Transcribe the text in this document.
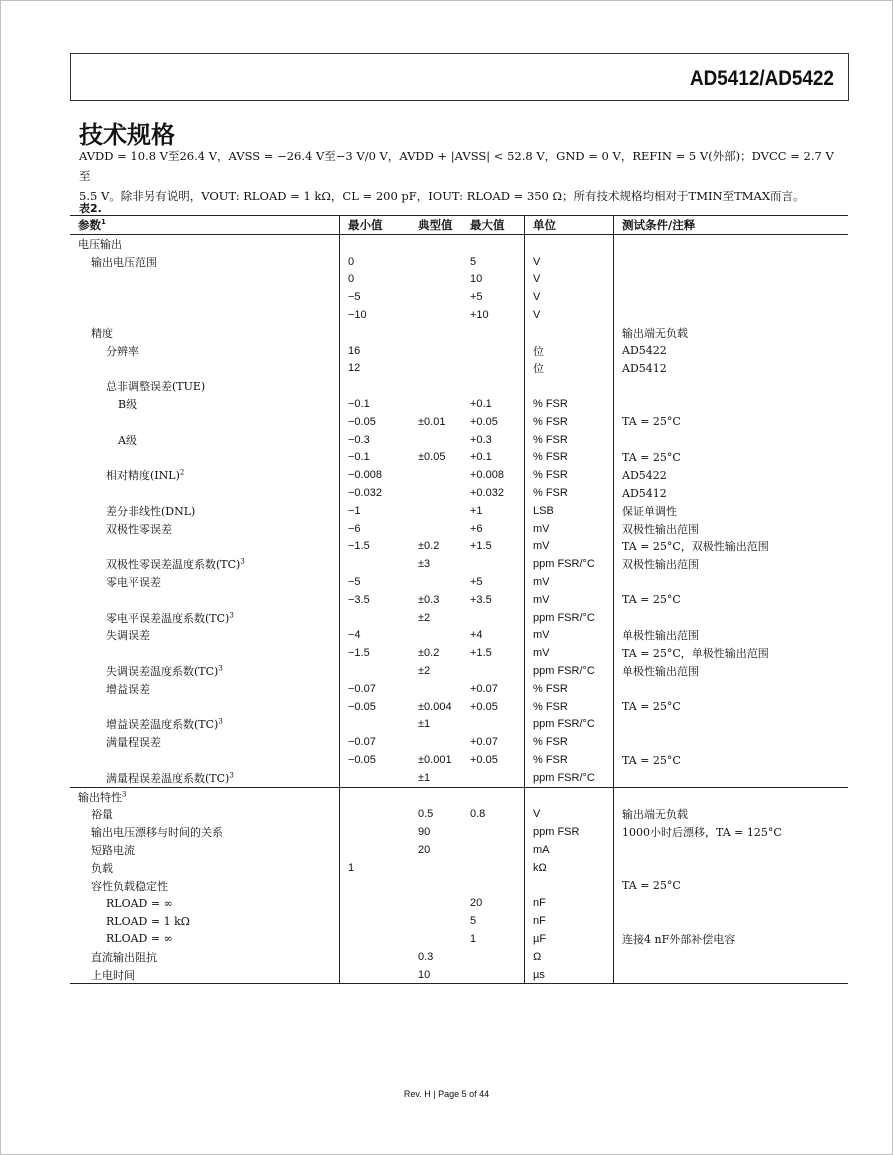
AD5412/AD5422
技术规格
AVDD = 10.8 V至26.4 V，AVSS = −26.4 V至−3 V/0 V，AVDD + |AVSS| < 52.8 V，GND = 0 V，REFIN = 5 V(外部)；DVCC = 2.7 V至
5.5 V。除非另有说明，VOUT: RLOAD = 1 kΩ，CL = 200 pF，IOUT: RLOAD = 350 Ω；所有技术规格均相对于TMIN至TMAX而言。
表2.
参数$^1$	最小值	典型值	最大值	单位	测试条件/注释
电压输出					
输出电压范围	0		5	V	
	0		10	V	
	−5		+5	V	
	−10		+10	V	
精度					输出端无负载
分辨率	16			位	AD5422
	12			位	AD5412
总非调整误差(TUE)					
B级	−0.1		+0.1	% FSR	
	−0.05	±0.01	+0.05	% FSR	TA = 25°C
A级	−0.3		+0.3	% FSR	
	−0.1	±0.05	+0.1	% FSR	TA = 25°C
相对精度(INL)$^2$	−0.008		+0.008	% FSR	AD5422
	−0.032		+0.032	% FSR	AD5412
差分非线性(DNL)	−1		+1	LSB	保证单调性
双极性零误差	−6		+6	mV	双极性输出范围
	−1.5	±0.2	+1.5	mV	TA = 25°C，双极性输出范围
双极性零误差温度系数(TC)$^3$		±3		ppm FSR/°C	双极性输出范围
零电平误差	−5		+5	mV	
	−3.5	±0.3	+3.5	mV	TA = 25°C
零电平误差温度系数(TC)$^3$		±2		ppm FSR/°C	
失调误差	−4		+4	mV	单极性输出范围
	−1.5	±0.2	+1.5	mV	TA = 25°C，单极性输出范围
失调误差温度系数(TC)$^3$		±2		ppm FSR/°C	单极性输出范围
增益误差	−0.07		+0.07	% FSR	
	−0.05	±0.004	+0.05	% FSR	TA = 25°C
增益误差温度系数(TC)$^3$		±1		ppm FSR/°C	
满量程误差	−0.07		+0.07	% FSR	
	−0.05	±0.001	+0.05	% FSR	TA = 25°C
满量程误差温度系数(TC)$^3$		±1		ppm FSR/°C	
输出特性$^3$					
裕量		0.5	0.8	V	输出端无负载
输出电压漂移与时间的关系		90		ppm FSR	1000小时后漂移，TA = 125°C
短路电流		20		mA	
负载	1			kΩ	
容性负载稳定性					TA = 25°C
RLOAD = ∞			20	nF	
RLOAD = 1 kΩ			5	nF	
RLOAD = ∞			1	µF	连接4 nF外部补偿电容
直流输出阻抗		0.3		Ω	
上电时间		10		µs	
Rev. H | Page 5 of 44
